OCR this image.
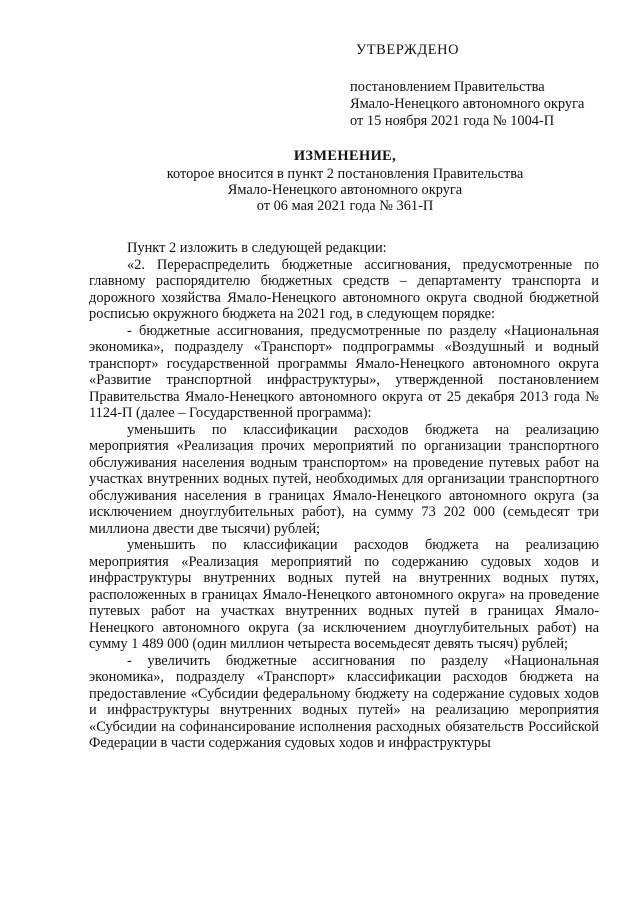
УТВЕРЖДЕНО
постановлением Правительства
Ямало-Ненецкого автономного округа
от 15 ноября 2021 года № 1004-П
ИЗМЕНЕНИЕ,
которое вносится в пункт 2 постановления Правительства
Ямало-Ненецкого автономного округа
от 06 мая 2021 года № 361-П

Пункт 2 изложить в следующей редакции:

«2. Перераспределить бюджетные ассигнования, предусмотренные по главному распорядителю бюджетных средств – департаменту транспорта и дорожного хозяйства Ямало-Ненецкого автономного округа сводной бюджетной росписью окружного бюджета на 2021 год, в следующем порядке:

- бюджетные ассигнования, предусмотренные по разделу «Национальная экономика», подразделу «Транспорт» подпрограммы «Воздушный и водный транспорт» государственной программы Ямало-Ненецкого автономного округа «Развитие транспортной инфраструктуры», утвержденной постановлением Правительства Ямало-Ненецкого автономного округа от 25 декабря 2013 года № 1124-П (далее – Государственной программа):

уменьшить по классификации расходов бюджета на реализацию мероприятия «Реализация прочих мероприятий по организации транспортного обслуживания населения водным транспортом» на проведение путевых работ на участках внутренних водных путей, необходимых для организации транспортного обслуживания населения в границах Ямало-Ненецкого автономного округа (за исключением дноуглубительных работ), на сумму 73 202 000 (семьдесят три миллиона двести две тысячи) рублей;

уменьшить по классификации расходов бюджета на реализацию мероприятия «Реализация мероприятий по содержанию судовых ходов и инфраструктуры внутренних водных путей на внутренних водных путях, расположенных в границах Ямало-Ненецкого автономного округа» на проведение путевых работ на участках внутренних водных путей в границах Ямало-Ненецкого автономного округа (за исключением дноуглубительных работ) на сумму 1 489 000 (один миллион четыреста восемьдесят девять тысяч) рублей;

- увеличить бюджетные ассигнования по разделу «Национальная экономика», подразделу «Транспорт» классификации расходов бюджета на предоставление «Субсидии федеральному бюджету на содержание судовых ходов и инфраструктуры внутренних водных путей» на реализацию мероприятия «Субсидии на софинансирование исполнения расходных обязательств Российской Федерации в части содержания судовых ходов и инфраструктуры
